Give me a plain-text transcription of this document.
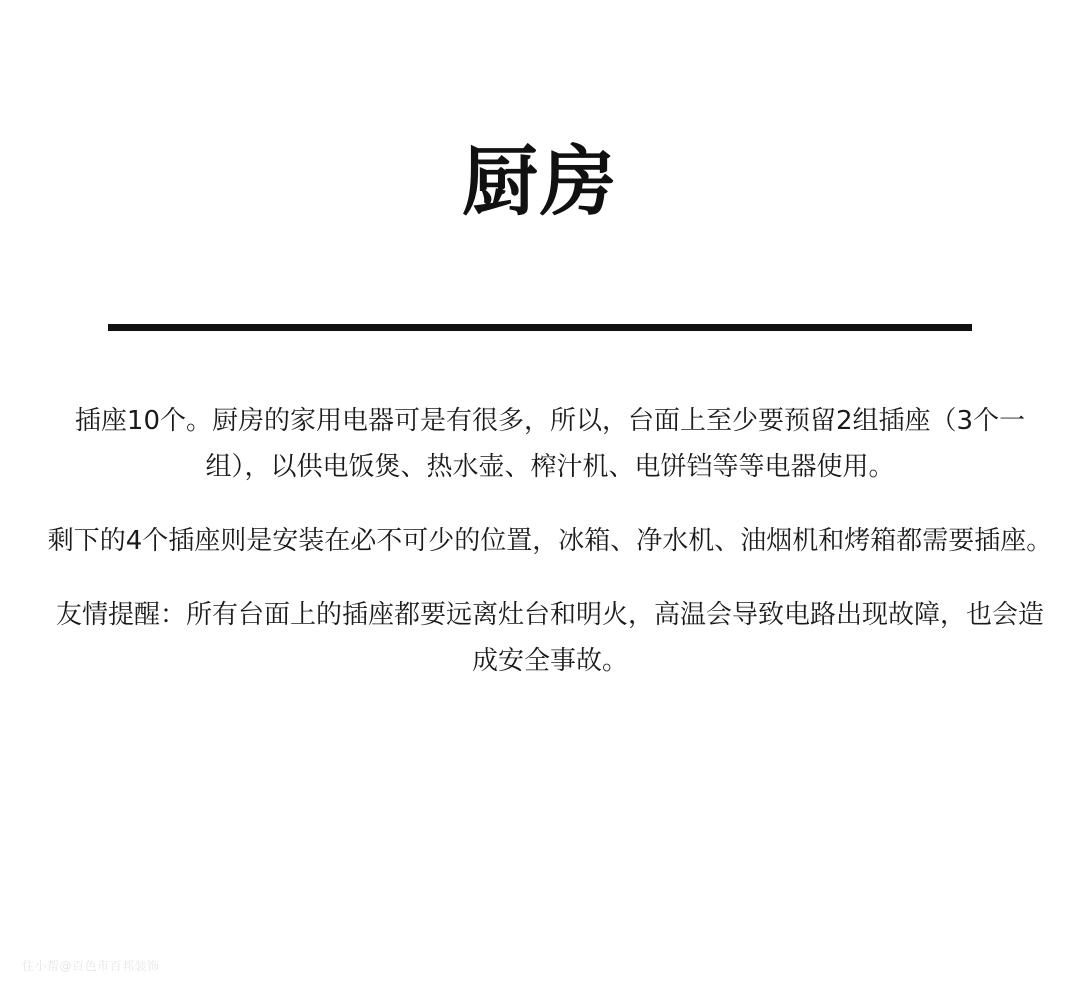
厨房

插座10个。厨房的家用电器可是有很多，所以，台面上至少要预留2组插座（3个一组），以供电饭煲、热水壶、榨汁机、电饼铛等等电器使用。

剩下的4个插座则是安装在必不可少的位置，冰箱、净水机、油烟机和烤箱都需要插座。

友情提醒：所有台面上的插座都要远离灶台和明火，高温会导致电路出现故障，也会造成安全事故。

住小帮@百色市百邦装饰
